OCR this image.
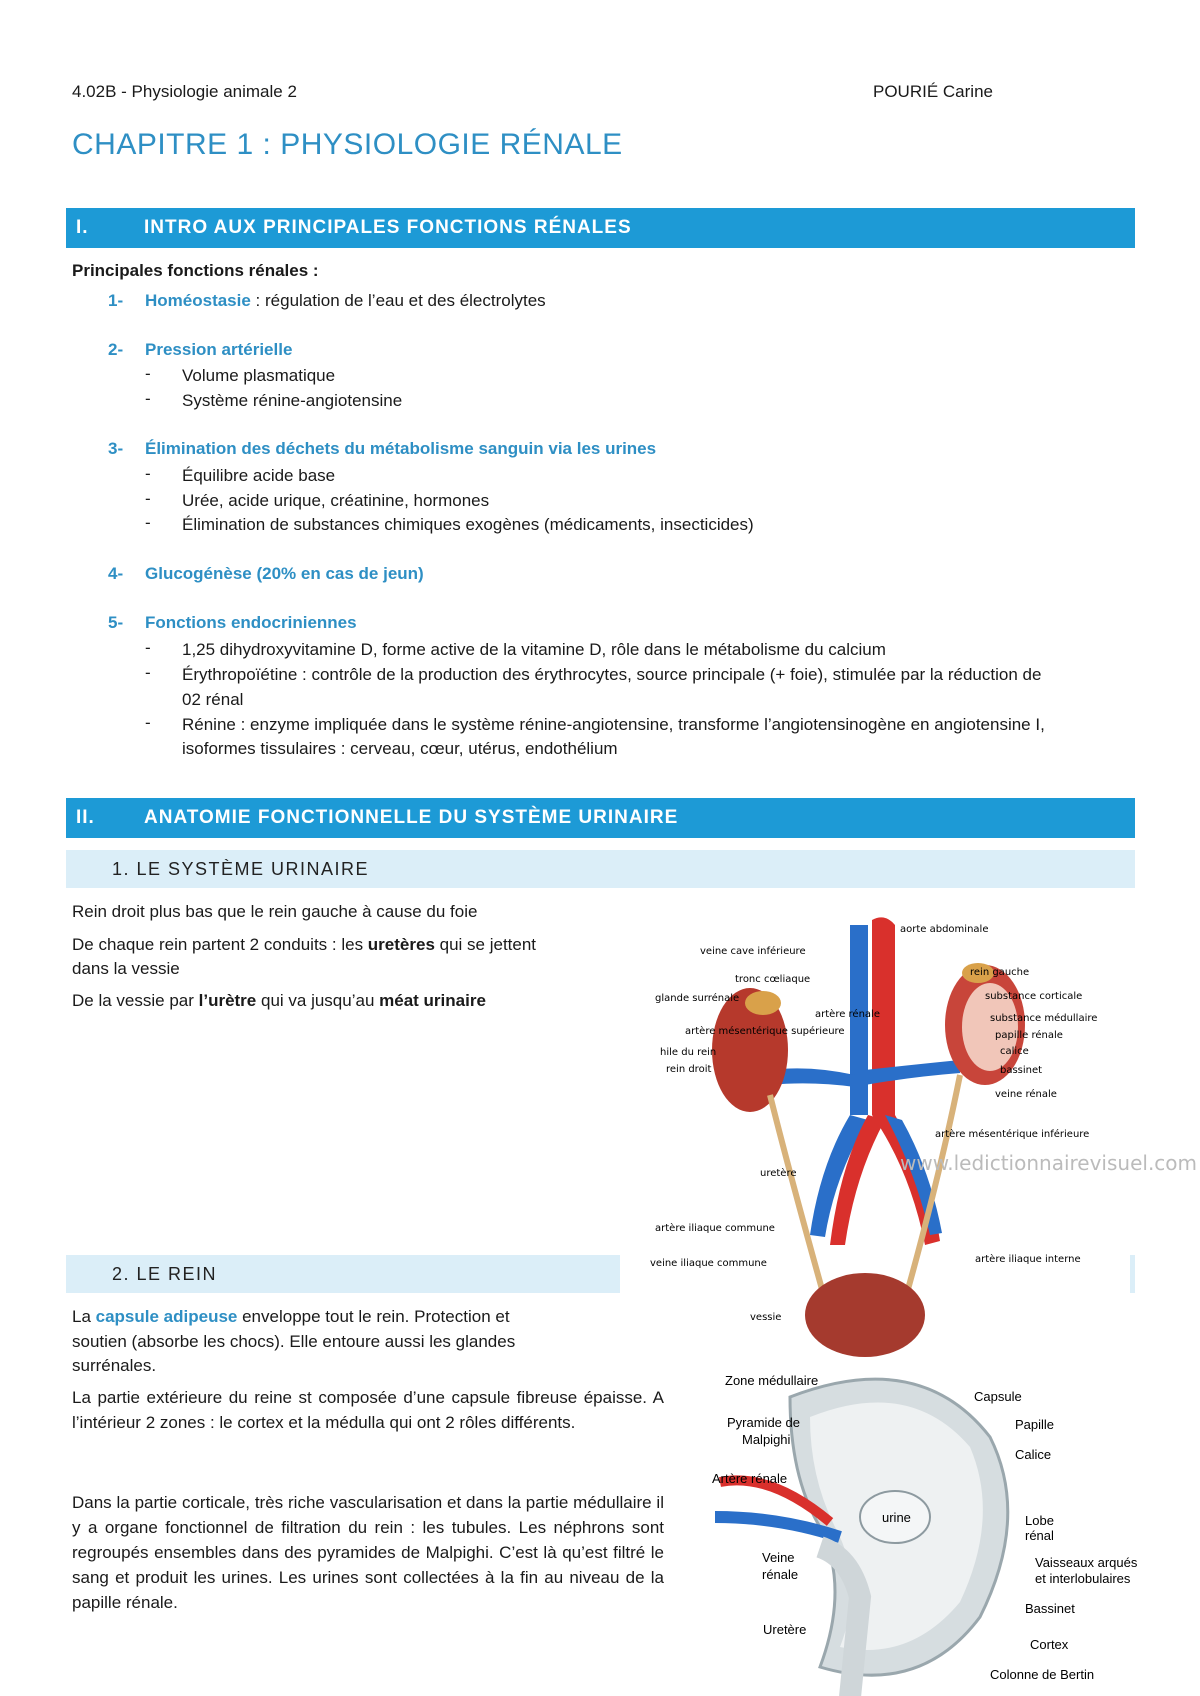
4.02B - Physiologie animale 2	POURIÉ Carine
CHAPITRE 1 : PHYSIOLOGIE RÉNALE
I.	INTRO AUX PRINCIPALES FONCTIONS RÉNALES
Principales fonctions rénales :
1- Homéostasie : régulation de l’eau et des électrolytes
2- Pression artérielle
- Volume plasmatique
- Système rénine-angiotensine
3- Élimination des déchets du métabolisme sanguin via les urines
- Équilibre acide base
- Urée, acide urique, créatinine, hormones
- Élimination de substances chimiques exogènes (médicaments, insecticides)
4- Glucogénèse (20% en cas de jeun)
5- Fonctions endocriniennes
- 1,25 dihydroxyvitamine D, forme active de la vitamine D, rôle dans le métabolisme du calcium
- Érythropoïétine : contrôle de la production des érythrocytes, source principale (+ foie), stimulée par la réduction de
02 rénal
- Rénine : enzyme impliquée dans le système rénine-angiotensine, transforme l’angiotensinogène en angiotensine I,
isoformes tissulaires : cerveau, cœur, utérus, endothélium
II.	ANATOMIE FONCTIONNELLE DU SYSTÈME URINAIRE
1. LE SYSTÈME URINAIRE
Rein droit plus bas que le rein gauche à cause du foie
De chaque rein partent 2 conduits : les uretères qui se jettent
dans la vessie
De la vessie par l’urètre qui va jusqu’au méat urinaire
2. LE REIN
La capsule adipeuse enveloppe tout le rein. Protection et
soutien (absorbe les chocs). Elle entoure aussi les glandes
surrénales.
La partie extérieure du reine st composée d’une capsule fibreuse épaisse. A l’intérieur 2 zones : le cortex et la médulla qui ont 2 rôles différents.
Dans la partie corticale, très riche vascularisation et dans la partie médullaire il y a organe fonctionnel de filtration du rein : les tubules. Les néphrons sont regroupés ensembles dans des pyramides de Malpighi. C’est là qu’est filtré le sang et produit les urines. Les urines sont collectées à la fin au niveau de la papille rénale.
www.ledictionnairevisuel.com
aorte abdominale
veine cave inférieure
rein gauche
tronc cœliaque
substance corticale
glande surrénale
artère rénale	substance médullaire
artère mésentérique supérieure	papille rénale
hile du rein	calice
rein droit	bassinet
veine rénale
artère mésentérique inférieure
uretère
artère iliaque commune
veine iliaque commune	artère iliaque interne
vessie
Zone médullaire
Capsule
Pyramide de
Malpighi
Papille
Calice
Artère rénale
Lobe
rénal
urine
Veine
rénale
Vaisseaux arqués
et interlobulaires
Bassinet
Uretère
Cortex
Colonne de Bertin
